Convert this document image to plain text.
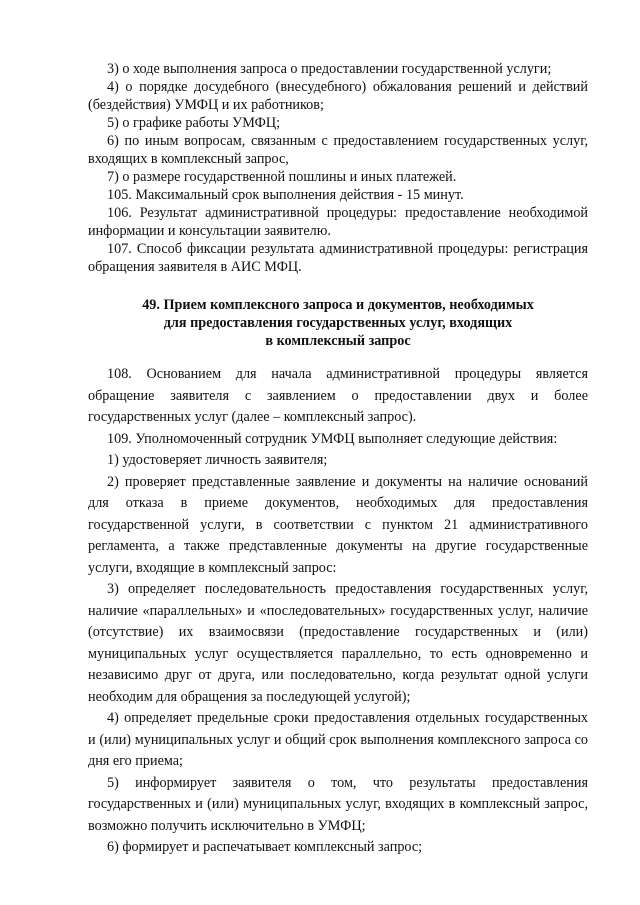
3) о ходе выполнения запроса о предоставлении государственной услуги;

4) о порядке досудебного (внесудебного) обжалования решений и действий (бездействия) УМФЦ и их работников;

5) о графике работы УМФЦ;

6) по иным вопросам, связанным с предоставлением государственных услуг, входящих в комплексный запрос,

7) о размере государственной пошлины и иных платежей.

105. Максимальный срок выполнения действия - 15 минут.

106. Результат административной процедуры: предоставление необходимой информации и консультации заявителю.

107. Способ фиксации результата административной процедуры: регистрация обращения заявителя в АИС МФЦ.

49. Прием комплексного запроса и документов, необходимых
для предоставления государственных услуг, входящих
в комплексный запрос

108. Основанием для начала административной процедуры является обращение заявителя с заявлением о предоставлении двух и более государственных услуг (далее – комплексный запрос).

109. Уполномоченный сотрудник УМФЦ выполняет следующие действия:

1) удостоверяет личность заявителя;

2) проверяет представленные заявление и документы на наличие оснований для отказа в приеме документов, необходимых для предоставления государственной услуги, в соответствии с пунктом 21 административного регламента, а также представленные документы на другие государственные услуги, входящие в комплексный запрос:

3) определяет последовательность предоставления государственных услуг, наличие «параллельных» и «последовательных» государственных услуг, наличие (отсутствие) их взаимосвязи (предоставление государственных и (или) муниципальных услуг осуществляется параллельно, то есть одновременно и независимо друг от друга, или последовательно, когда результат одной услуги необходим для обращения за последующей услугой);

4) определяет предельные сроки предоставления отдельных государственных и (или) муниципальных услуг и общий срок выполнения комплексного запроса со дня его приема;

5) информирует заявителя о том, что результаты предоставления государственных и (или) муниципальных услуг, входящих в комплексный запрос, возможно получить исключительно в УМФЦ;

6) формирует и распечатывает комплексный запрос;
